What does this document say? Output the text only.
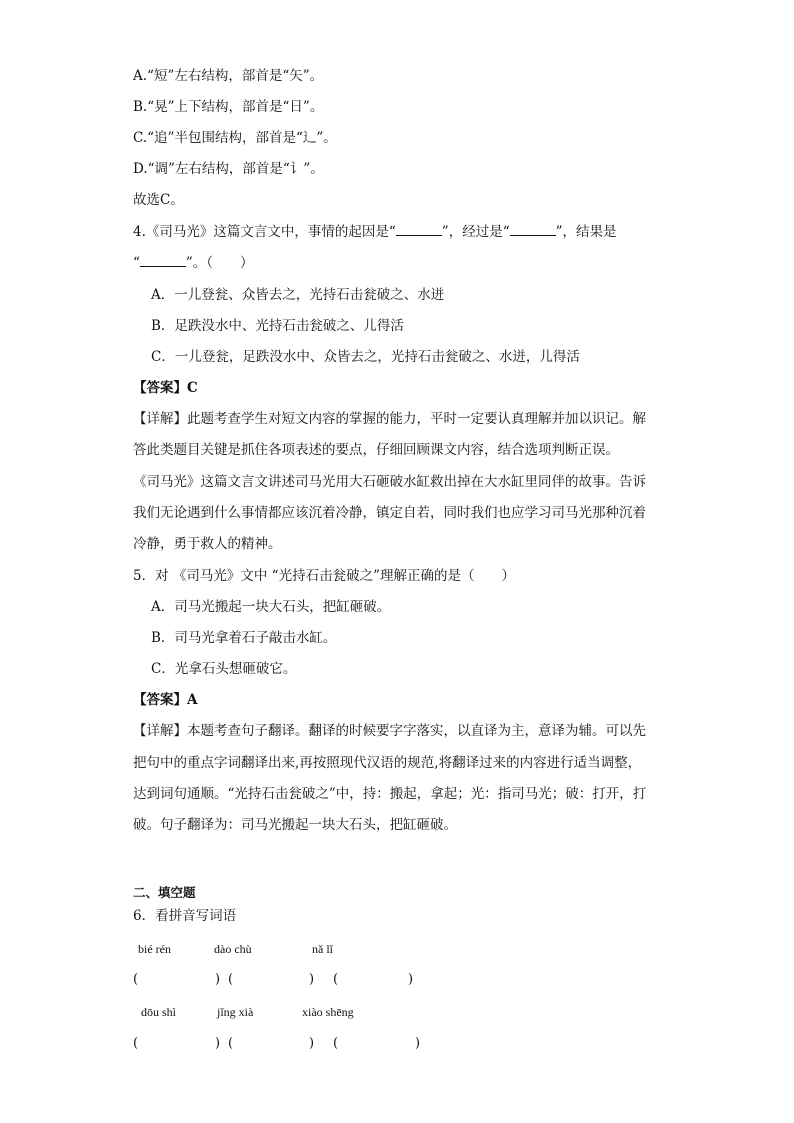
A.“短”左右结构，部首是“矢”。
B.“晃”上下结构，部首是“日”。
C.“追”半包围结构，部首是“辶”。
D.“调”左右结构，部首是“讠”。
故选C。
4.《司马光》这篇文言文中，事情的起因是“	”，经过是“	”，结果是
“	”。（　　）
A．一儿登瓮、众皆去之，光持石击瓮破之、水迸
B．足跌没水中、光持石击瓮破之、儿得活
C．一儿登瓮，足跌没水中、众皆去之，光持石击瓮破之、水迸，儿得活
【答案】C
【详解】此题考查学生对短文内容的掌握的能力，平时一定要认真理解并加以识记。解
答此类题目关键是抓住各项表述的要点，仔细回顾课文内容，结合选项判断正误。
《司马光》这篇文言文讲述司马光用大石砸破水缸救出掉在大水缸里同伴的故事。告诉
我们无论遇到什么事情都应该沉着冷静，镇定自若，同时我们也应学习司马光那种沉着
冷静，勇于救人的精神。
5．对 《司马光》文中 “光持石击瓮破之”理解正确的是（　　）
A．司马光搬起一块大石头，把缸砸破。
B．司马光拿着石子敲击水缸。
C．光拿石头想砸破它。
【答案】A
【详解】本题考查句子翻译。翻译的时候要字字落实，以直译为主，意译为辅。可以先
把句中的重点字词翻译出来,再按照现代汉语的规范,将翻译过来的内容进行适当调整，
达到词句通顺。“光持石击瓮破之”中，持：搬起，拿起；光：指司马光；破：打开，打
破。句子翻译为：司马光搬起一块大石头，把缸砸破。
二、填空题
6．看拼音写词语
bié rén	dào chù	nǎ lǐ
(	) (	) (	)
dōu shì	jǐng xià	xiào shēng
(	) (	) (	)
